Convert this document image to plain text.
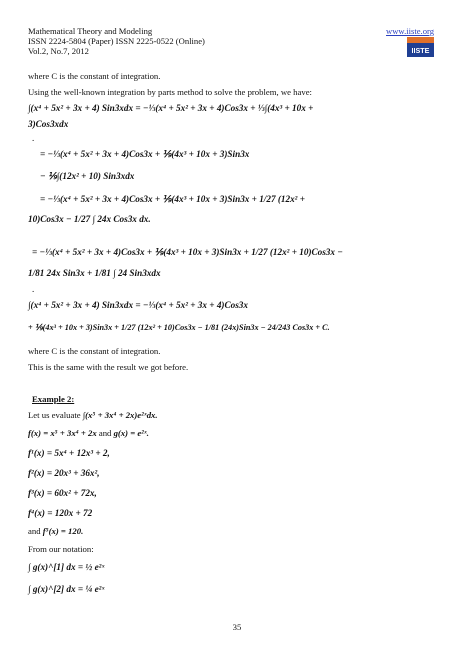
Mathematical Theory and Modeling
ISSN 2224-5804 (Paper) ISSN 2225-0522 (Online)
Vol.2, No.7, 2012
www.iiste.org
IISTE
where C is the constant of integration.
Using the well-known integration by parts method to solve the problem, we have:
∫(x⁴ + 5x² + 3x + 4) Sin3xdx = −⅓(x⁴ + 5x² + 3x + 4)Cos3x + ⅓∫(4x³ + 10x +
3)Cos3xdx
.
= −⅓(x⁴ + 5x² + 3x + 4)Cos3x + ⅑(4x³ + 10x + 3)Sin3x
− ⅑∫(12x² + 10) Sin3xdx
= −⅓(x⁴ + 5x² + 3x + 4)Cos3x + ⅑(4x³ + 10x + 3)Sin3x + 1/27 (12x² +
10)Cos3x − 1/27 ∫ 24x Cos3x dx.
= −⅓(x⁴ + 5x² + 3x + 4)Cos3x + ⅑(4x³ + 10x + 3)Sin3x + 1/27 (12x² + 10)Cos3x −
1/81 24x Sin3x + 1/81 ∫ 24 Sin3xdx
.
∫(x⁴ + 5x² + 3x + 4) Sin3xdx = −⅓(x⁴ + 5x² + 3x + 4)Cos3x
+ ⅑(4x³ + 10x + 3)Sin3x + 1/27 (12x² + 10)Cos3x − 1/81 (24x)Sin3x − 24/243 Cos3x + C.
where C is the constant of integration.
This is the same with the result we got before.
Example 2:
Let us evaluate ∫(x⁵ + 3x⁴ + 2x)e²ˣdx.
f(x) = x⁵ + 3x⁴ + 2x and g(x) = e²ˣ.
f¹(x) = 5x⁴ + 12x³ + 2,
f²(x) = 20x³ + 36x²,
f³(x) = 60x² + 72x,
f⁴(x) = 120x + 72
and f⁵(x) = 120.
From our notation:
∫ g(x)^[1] dx = ½ e²ˣ
∫ g(x)^[2] dx = ¼ e²ˣ
35
